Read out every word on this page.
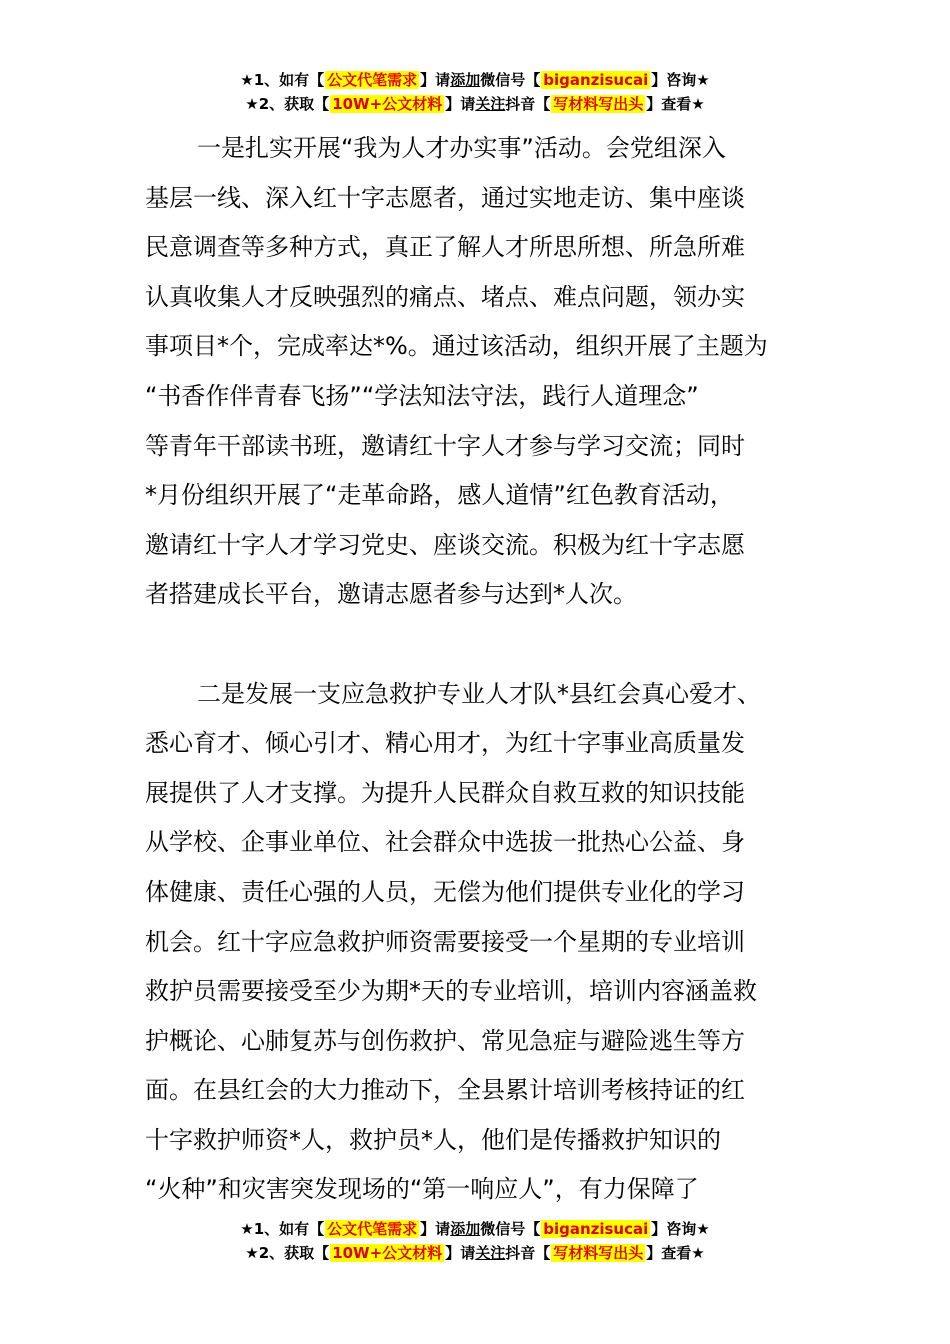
★1、如有【 公文代笔需求 】请添加微信号【 biganzisucai 】咨询★
★2、获取【 10W+公文材料 】请关注抖音【 写材料写出头 】查看★
一是扎实开展“我为人才办实事”活动。会党组深入
基层一线、深入红十字志愿者，通过实地走访、集中座谈
民意调查等多种方式，真正了解人才所思所想、所急所难
认真收集人才反映强烈的痛点、堵点、难点问题，领办实
事项目*个，完成率达*%。通过该活动，组织开展了主题为
“书香作伴青春飞扬”“学法知法守法，践行人道理念”
等青年干部读书班，邀请红十字人才参与学习交流；同时
*月份组织开展了“走革命路，感人道情”红色教育活动，
邀请红十字人才学习党史、座谈交流。积极为红十字志愿
者搭建成长平台，邀请志愿者参与达到*人次。
二是发展一支应急救护专业人才队*县红会真心爱才、
悉心育才、倾心引才、精心用才，为红十字事业高质量发
展提供了人才支撑。为提升人民群众自救互救的知识技能
从学校、企事业单位、社会群众中选拔一批热心公益、身
体健康、责任心强的人员，无偿为他们提供专业化的学习
机会。红十字应急救护师资需要接受一个星期的专业培训
救护员需要接受至少为期*天的专业培训，培训内容涵盖救
护概论、心肺复苏与创伤救护、常见急症与避险逃生等方
面。在县红会的大力推动下，全县累计培训考核持证的红
十字救护师资*人，救护员*人，他们是传播救护知识的
“火种”和灾害突发现场的“第一响应人”，有力保障了
★1、如有【 公文代笔需求 】请添加微信号【 biganzisucai 】咨询★
★2、获取【 10W+公文材料 】请关注抖音【 写材料写出头 】查看★
